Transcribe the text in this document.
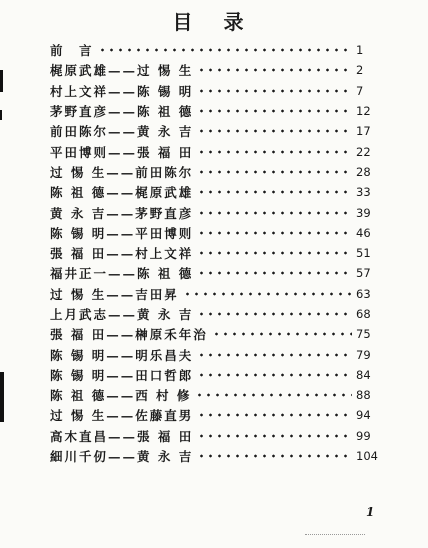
目 录
前　言	1
梶原武雄——过 惕 生	2
村上文祥——陈 锡 明	7
茅野直彦——陈 祖 德	12
前田陈尔——黄 永 吉	17
平田博则——張 福 田	22
过 惕 生——前田陈尔	28
陈 祖 德——梶原武雄	33
黄 永 吉——茅野直彦	39
陈 锡 明——平田博则	46
張 福 田——村上文祥	51
福井正一——陈 祖 德	57
过 惕 生——吉田昇	63
上月武志——黄 永 吉	68
張 福 田——榊原禾年治	75
陈 锡 明——明乐昌夫	79
陈 锡 明——田口哲郎	84
陈 祖 德——西 村 修	88
过 惕 生——佐藤直男	94
高木直昌——張 福 田	99
細川千仞——黄 永 吉	104
1
